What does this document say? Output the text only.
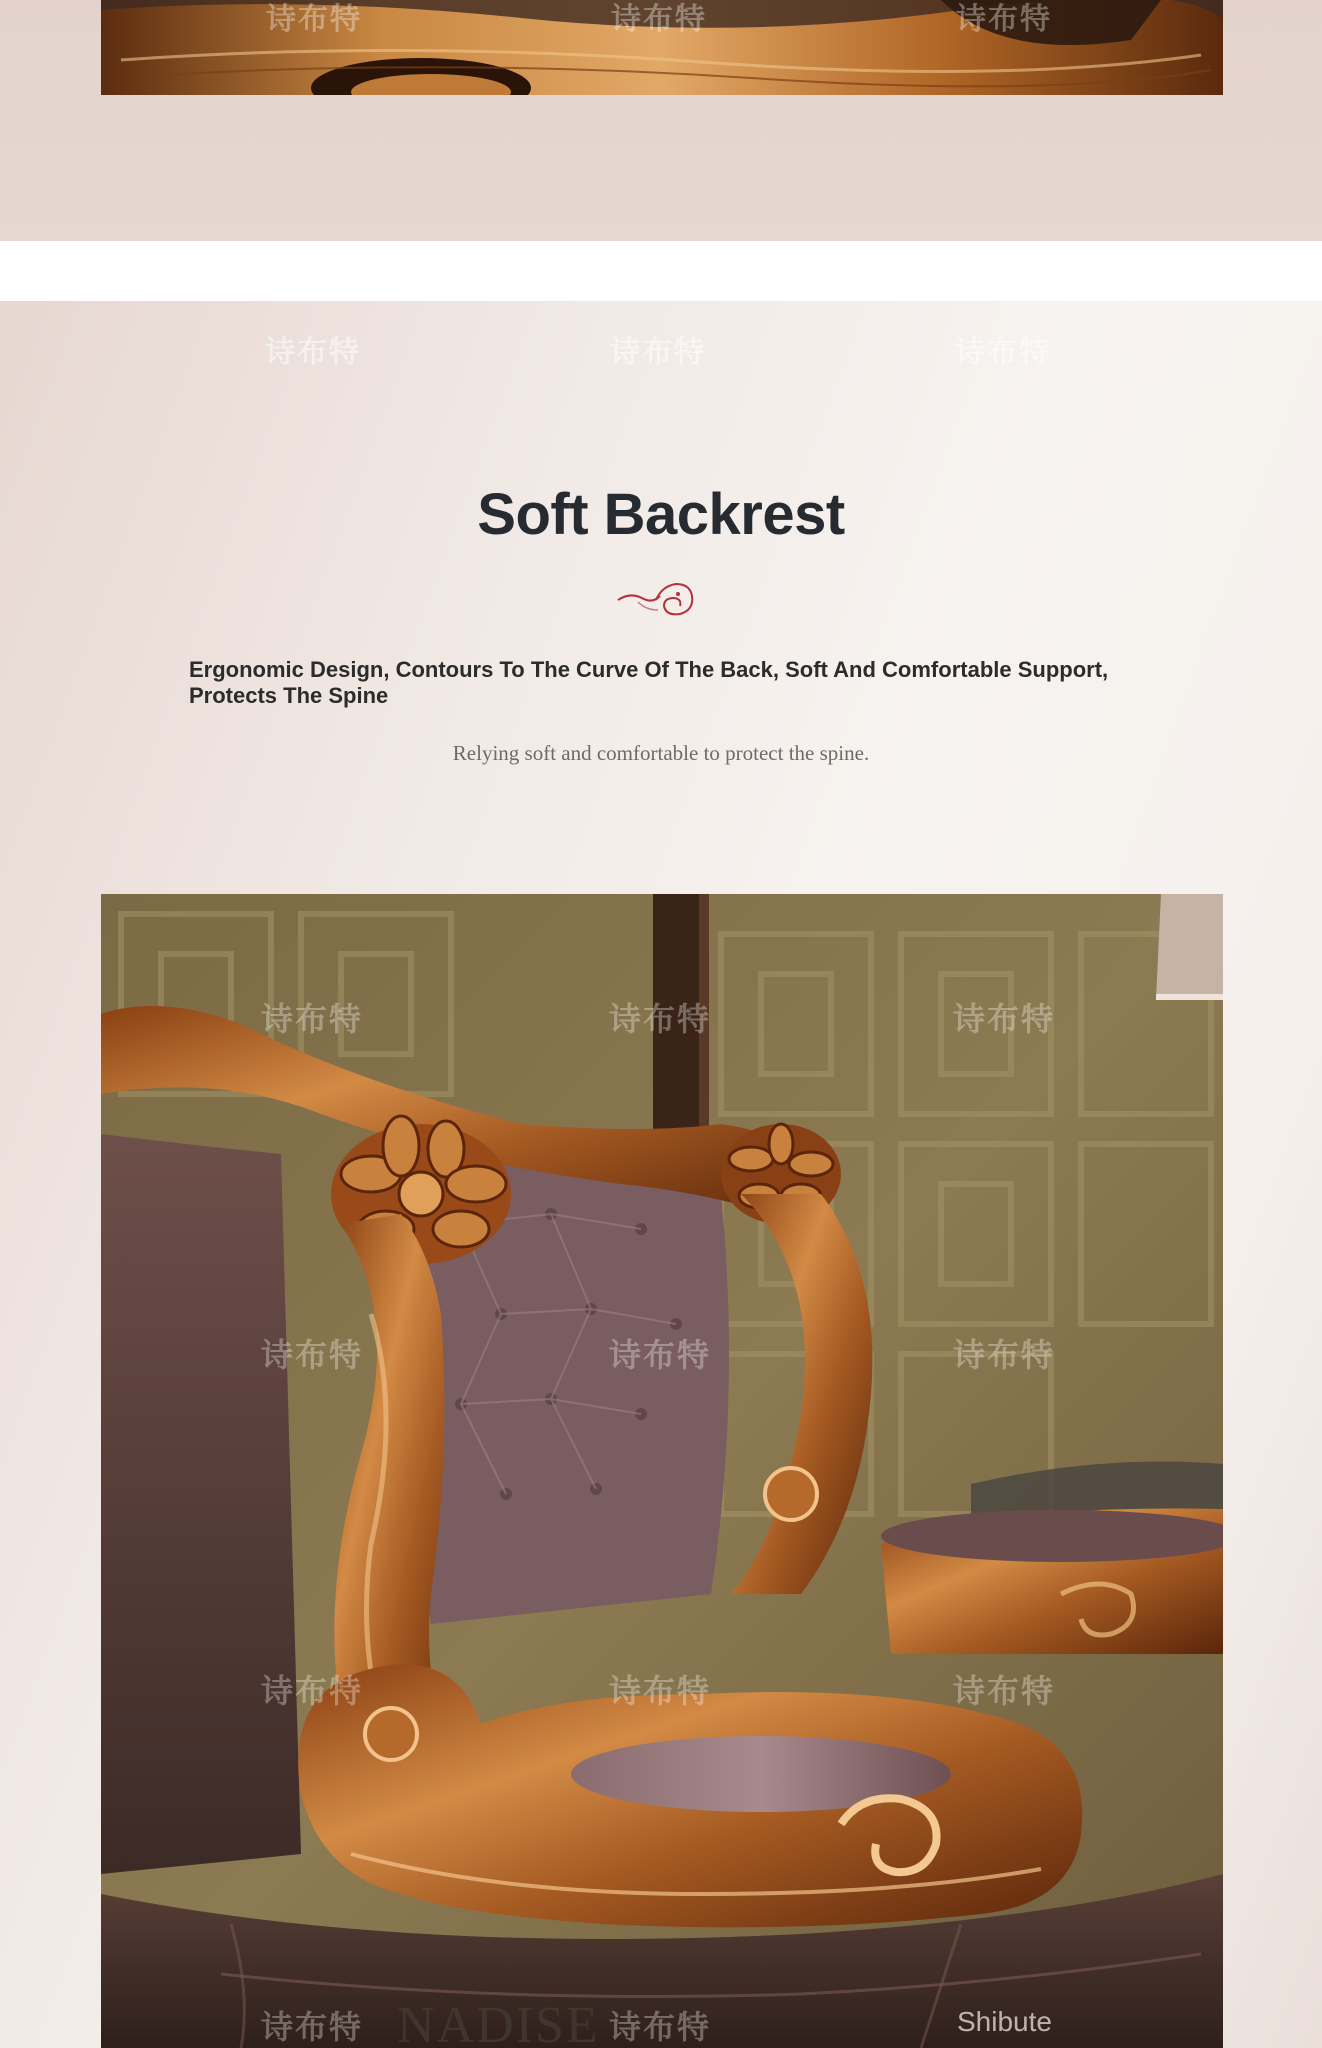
诗布特	诗布特	诗布特
诗布特	诗布特	诗布特
Soft Backrest
Ergonomic Design, Contours To The Curve Of The Back, Soft And Comfortable Support, Protects The Spine
Relying soft and comfortable to protect the spine.
诗布特	诗布特	诗布特
诗布特	诗布特	诗布特
诗布特	诗布特	诗布特
诗布特	诗布特
NADISE	Shibute
